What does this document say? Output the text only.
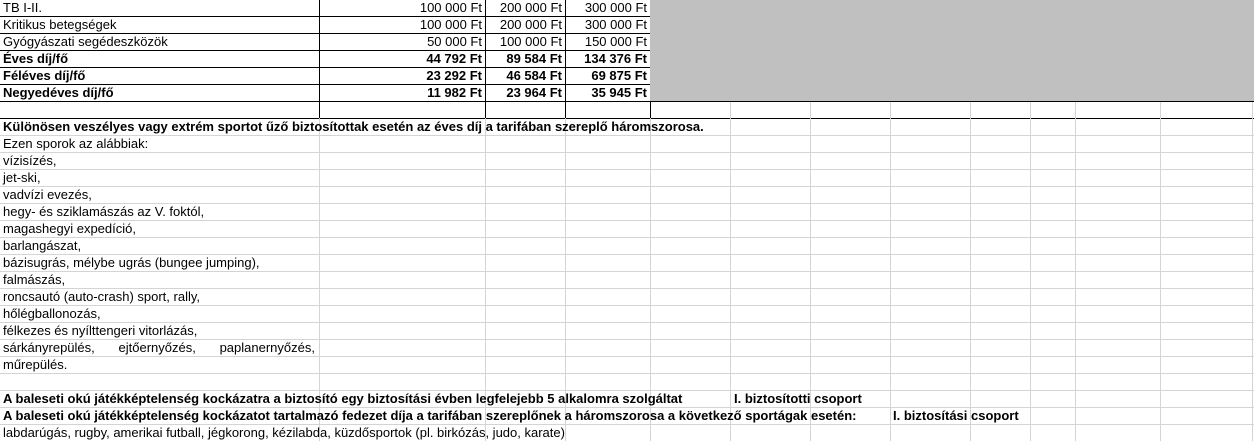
TB I-II.	100 000 Ft	200 000 Ft	300 000 Ft
Kritikus betegségek	100 000 Ft	200 000 Ft	300 000 Ft
Gyógyászati segédeszközök	50 000 Ft	100 000 Ft	150 000 Ft
Éves díj/fő	44 792 Ft	89 584 Ft	134 376 Ft
Féléves díj/fő	23 292 Ft	46 584 Ft	69 875 Ft
Negyedéves díj/fő	11 982 Ft	23 964 Ft	35 945 Ft
Különösen veszélyes vagy extrém sportot űző biztosítottak esetén az éves díj a tarifában szereplő háromszorosa.
Ezen sporok az alábbiak:
vízisízés,
jet-ski,
vadvízi evezés,
hegy- és sziklamászás az V. foktól,
magashegyi expedíció,
barlangászat,
bázisugrás, mélybe ugrás (bungee jumping),
falmászás,
roncsautó (auto-crash) sport, rally,
hőlégballonozás,
félkezes és nyílttengeri vitorlázás,
sárkányrepülés, ejtőernyőzés, paplanernyőzés,
műrepülés.
A baleseti okú játékképtelenség kockázatra a biztosító egy biztosítási évben legfelejebb 5 alkalomra szolgáltat	I. biztosítotti csoport
A baleseti okú játékképtelenség kockázatot tartalmazó fedezet díja a tarifában szereplőnek a háromszorosa a következő sportágak esetén:	I. biztosítási csoport
labdarúgás, rugby, amerikai futball, jégkorong, kézilabda, küzdősportok (pl. birkózás, judo, karate)
